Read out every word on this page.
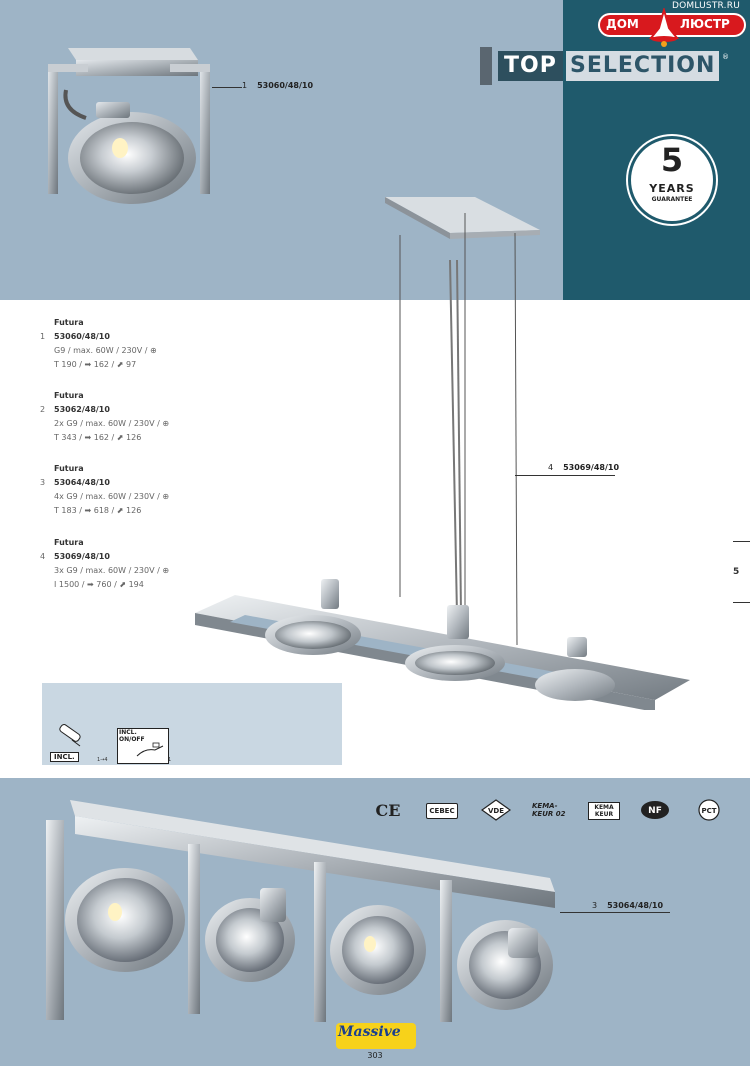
DOMLUSTR.RU
ДОМ	ЛЮСТР
TOP SELECTION ®
5
YEARS
GUARANTEE
1 53060/48/10
4 53069/48/10
3 53064/48/10
Futura
1 53060/48/10
G9 / max. 60W / 230V / ⊕
T 190 / ➡ 162 / ⬈ 97
Futura
2 53062/48/10
2x G9 / max. 60W / 230V / ⊕
T 343 / ➡ 162 / ⬈ 126
Futura
3 53064/48/10
4x G9 / max. 60W / 230V / ⊕
T 183 / ➡ 618 / ⬈ 126
Futura
4 53069/48/10
3x G9 / max. 60W / 230V / ⊕
I 1500 / ➡ 760 / ⬈ 194
5
INCL.	1→4
INCL.
ON/OFF
1
CE	CEBEC	VDE
KEMA-KEUR 02
KEMA KEUR	NF	PCT
Massive
303
